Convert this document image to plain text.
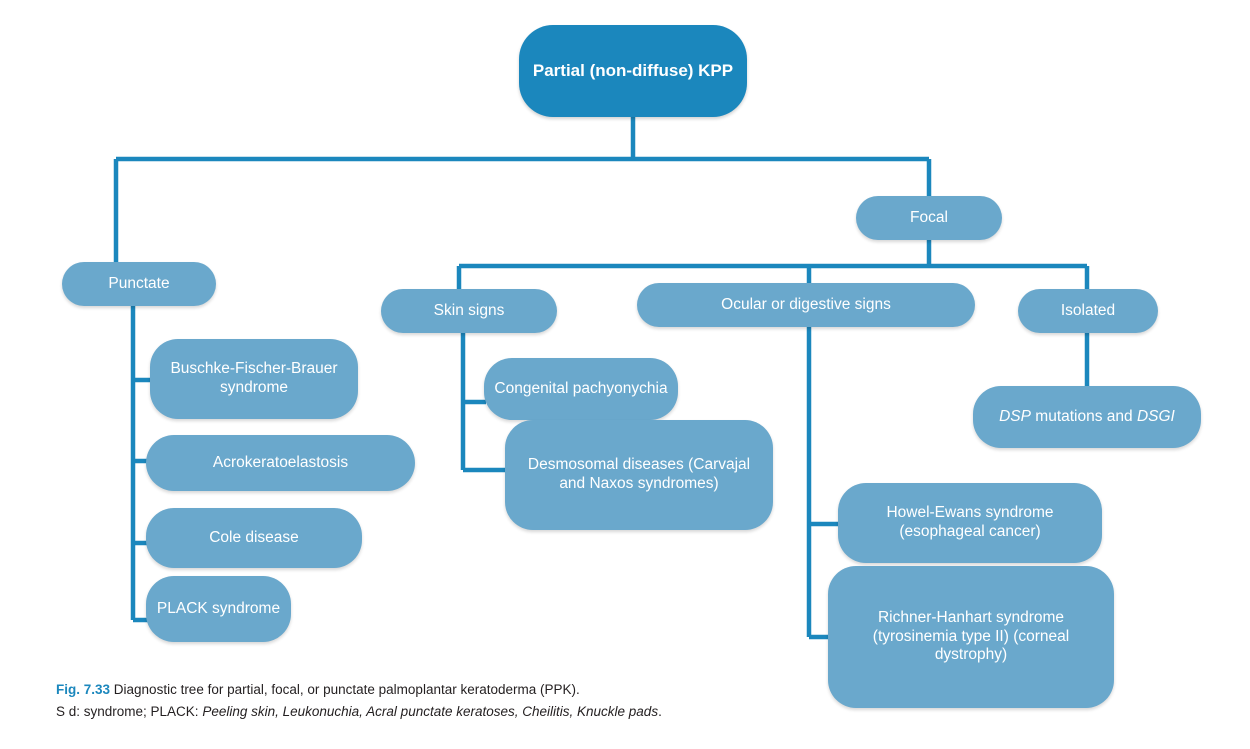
Partial (non-diffuse) KPP
Focal
Punctate
Skin signs	Ocular or digestive signs	Isolated
Buschke-Fischer-Brauer syndrome
Acrokeratoelastosis
Cole disease
PLACK syndrome
Congenital pachyonychia
Desmosomal diseases (Carvajal and Naxos syndromes)
Howel-Ewans syndrome (esophageal cancer)
Richner-Hanhart syndrome (tyrosinemia type II) (corneal dystrophy)
DSP mutations and DSGI
Fig. 7.33 Diagnostic tree for partial, focal, or punctate palmoplantar keratoderma (PPK).
S d: syndrome; PLACK: Peeling skin, Leukonuchia, Acral punctate keratoses, Cheilitis, Knuckle pads.
